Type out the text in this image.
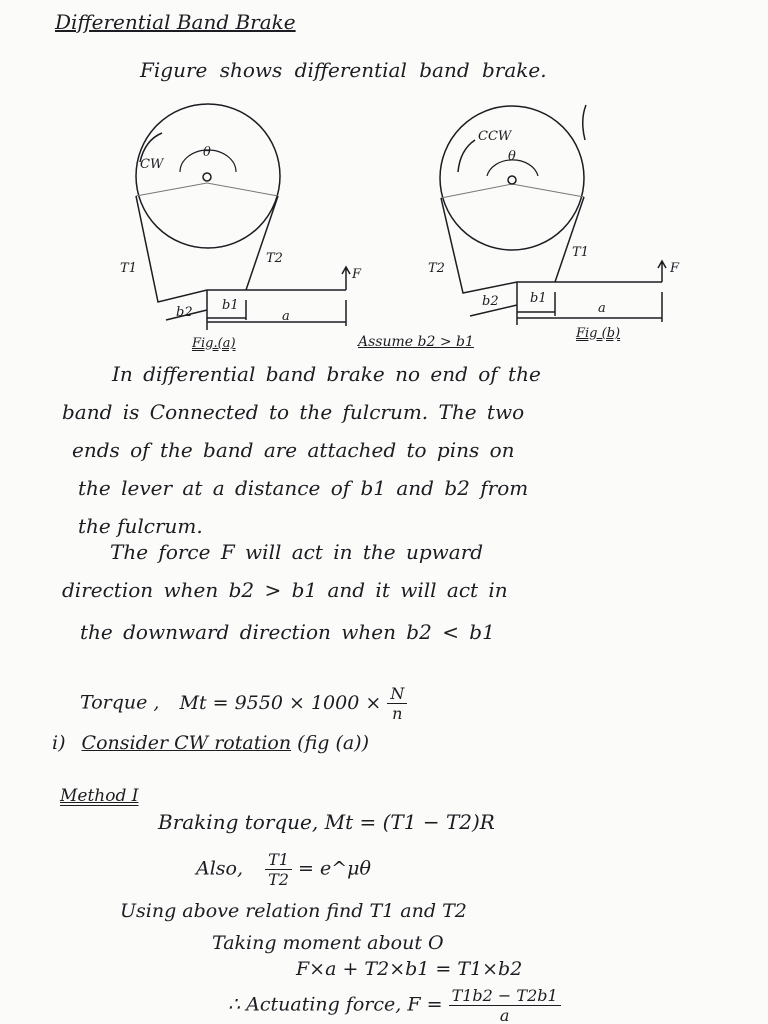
Differential Band Brake
Figure shows differential band brake.
CW
θ
T1
T2
F
b2 b1
a
CCW
θ
T2
T1
F
b2 b1
a
Fig.(a)	Assume b2 > b1
Fig (b)
In differential band brake no end of the
band is Connected to the fulcrum. The two
ends of the band are attached to pins on
the lever at a distance of b1 and b2 from
the fulcrum.
The force F will act in the upward
direction when b2 > b1 and it will act in
the downward direction when b2 < b1
Torque , $Mt = 9550 \times 1000 \times \frac{N}{n}$
i) Consider CW rotation (fig (a))
Method I
Braking torque, Mt = (T1 − T2)R
Also, $\frac{T1}{T2}$ = e^μθ
Using above relation find T1 and T2
Taking moment about O
F×a + T2×b1 = T1×b2
∴ Actuating force, $F = \frac{T1b2 - T2b1}{a}$
